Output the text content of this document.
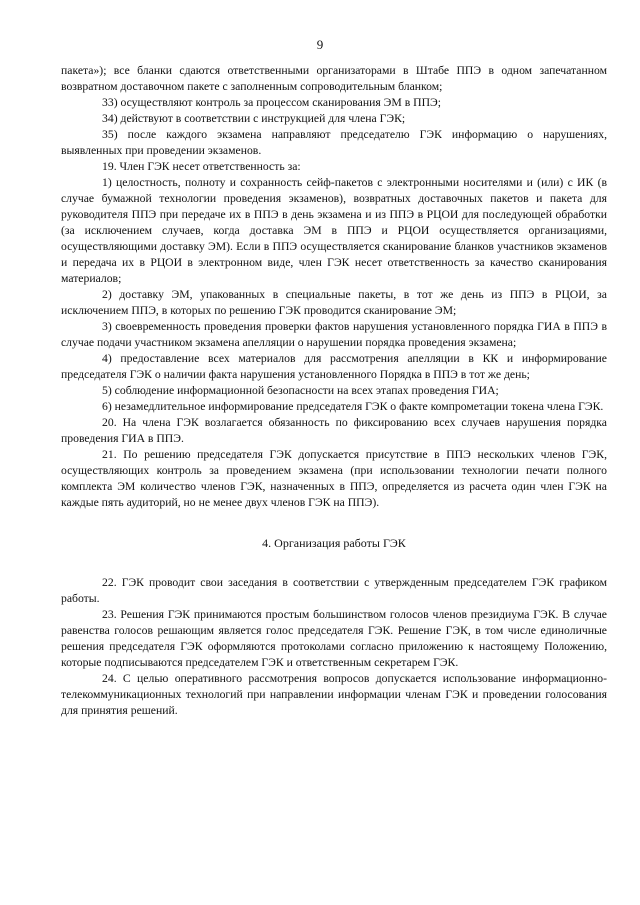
9

пакета»); все бланки сдаются ответственными организаторами в Штабе ППЭ в одном запечатанном возвратном доставочном пакете с заполненным сопроводительным бланком;

33) осуществляют контроль за процессом сканирования ЭМ в ППЭ;

34) действуют в соответствии с инструкцией для члена ГЭК;

35) после каждого экзамена направляют председателю ГЭК информацию о нарушениях, выявленных при проведении экзаменов.

19. Член ГЭК несет ответственность за:

1) целостность, полноту и сохранность сейф-пакетов с электронными носителями и (или) с ИК (в случае бумажной технологии проведения экзаменов), возвратных доставочных пакетов и пакета для руководителя ППЭ при передаче их в ППЭ в день экзамена и из ППЭ в РЦОИ для последующей обработки (за исключением случаев, когда доставка ЭМ в ППЭ и РЦОИ осуществляется организациями, осуществляющими доставку ЭМ). Если в ППЭ осуществляется сканирование бланков участников экзаменов и передача их в РЦОИ в электронном виде, член ГЭК несет ответственность за качество сканирования материалов;

2) доставку ЭМ, упакованных в специальные пакеты, в тот же день из ППЭ в РЦОИ, за исключением ППЭ, в которых по решению ГЭК проводится сканирование ЭМ;

3) своевременность проведения проверки фактов нарушения установленного порядка ГИА в ППЭ в случае подачи участником экзамена апелляции о нарушении порядка проведения экзамена;

4) предоставление всех материалов для рассмотрения апелляции в КК и информирование председателя ГЭК о наличии факта нарушения установленного Порядка в ППЭ в тот же день;

5) соблюдение информационной безопасности на всех этапах проведения ГИА;

6) незамедлительное информирование председателя ГЭК о факте компрометации токена члена ГЭК.

20. На члена ГЭК возлагается обязанность по фиксированию всех случаев нарушения порядка проведения ГИА в ППЭ.

21. По решению председателя ГЭК допускается присутствие в ППЭ нескольких членов ГЭК, осуществляющих контроль за проведением экзамена (при использовании технологии печати полного комплекта ЭМ количество членов ГЭК, назначенных в ППЭ, определяется из расчета один член ГЭК на каждые пять аудиторий, но не менее двух членов ГЭК на ППЭ).

4. Организация работы ГЭК

22. ГЭК проводит свои заседания в соответствии с утвержденным председателем ГЭК графиком работы.

23. Решения ГЭК принимаются простым большинством голосов членов президиума ГЭК. В случае равенства голосов решающим является голос председателя ГЭК. Решение ГЭК, в том числе единоличные решения председателя ГЭК оформляются протоколами согласно приложению к настоящему Положению, которые подписываются председателем ГЭК и ответственным секретарем ГЭК.

24. С целью оперативного рассмотрения вопросов допускается использование информационно-телекоммуникационных технологий при направлении информации членам ГЭК и проведении голосования для принятия решений.
